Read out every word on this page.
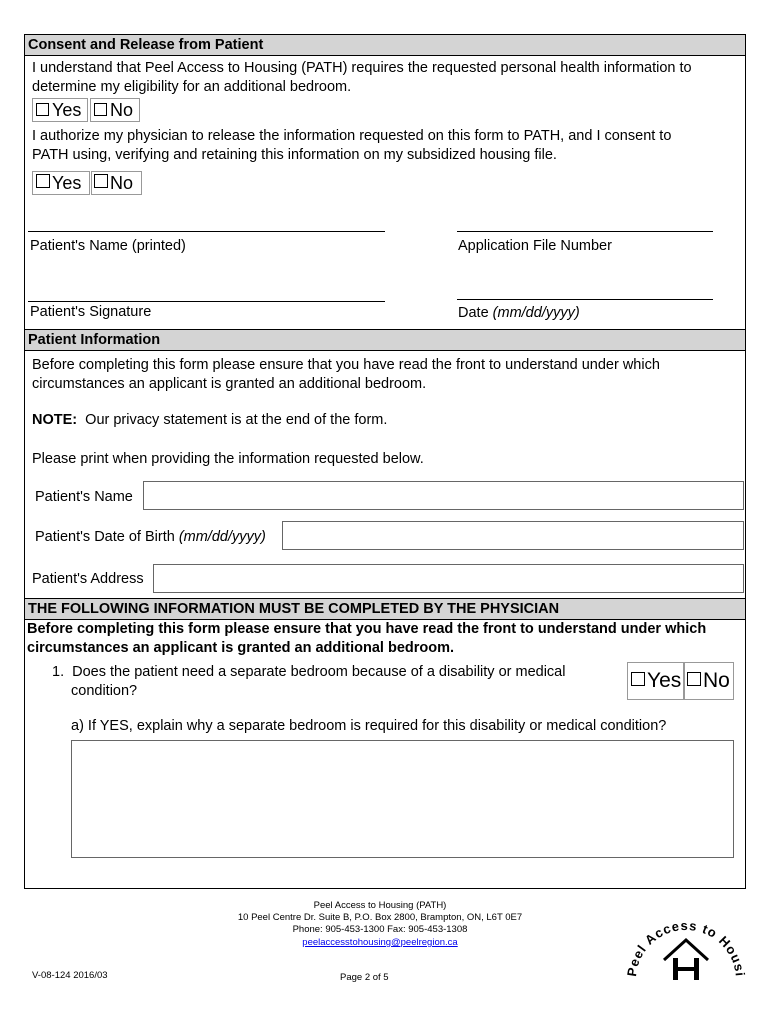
Consent and Release from Patient
I understand that Peel Access to Housing (PATH) requires the requested personal health information to
determine my eligibility for an additional bedroom.
Yes	No
I authorize my physician to release the information requested on this form to PATH, and I consent to
PATH using, verifying and retaining this information on my subsidized housing file.
Yes	No
Patient's Name (printed)	Application File Number
Patient's Signature	Date (mm/dd/yyyy)
Patient Information
Before completing this form please ensure that you have read the front to understand under which
circumstances an applicant is granted an additional bedroom.
NOTE:  Our privacy statement is at the end of the form.
Please print when providing the information requested below.
Patient's Name
Patient's Date of Birth (mm/dd/yyyy)
Patient's Address
THE FOLLOWING INFORMATION MUST BE COMPLETED BY THE PHYSICIAN
Before completing this form please ensure that you have read the front to understand under which
circumstances an applicant is granted an additional bedroom.
1.  Does the patient need a separate bedroom because of a disability or medical
condition?	Yes	No
a) If YES, explain why a separate bedroom is required for this disability or medical condition?
Peel Access to Housing (PATH)
10 Peel Centre Dr. Suite B, P.O. Box 2800, Brampton, ON, L6T 0E7
Phone: 905-453-1300 Fax: 905-453-1308
peelaccesstohousing@peelregion.ca
V-08-124 2016/03	Page 2 of 5
Peel Access to Housi
